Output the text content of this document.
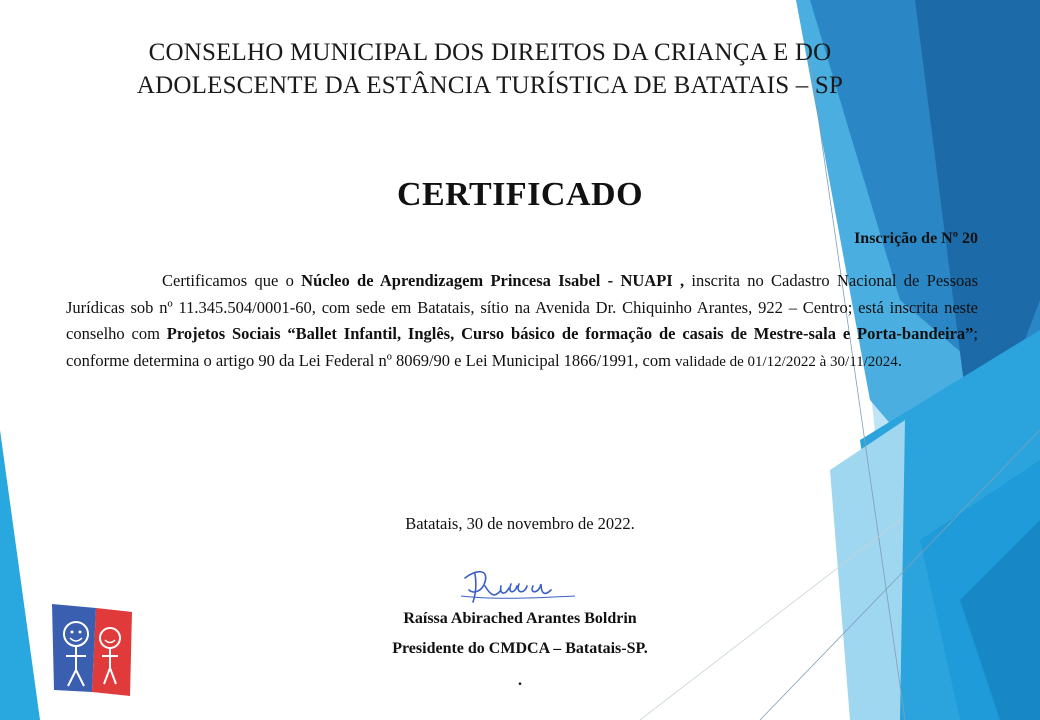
CONSELHO MUNICIPAL DOS DIREITOS DA CRIANÇA E DO
ADOLESCENTE DA ESTÂNCIA TURÍSTICA DE BATATAIS – SP
CERTIFICADO
Inscrição de Nº 20
Certificamos que o Núcleo de Aprendizagem Princesa Isabel - NUAPI , inscrita no Cadastro Nacional de Pessoas Jurídicas sob nº 11.345.504/0001-60, com sede em Batatais, sítio na Avenida Dr. Chiquinho Arantes, 922 – Centro; está inscrita neste conselho com Projetos Sociais “Ballet Infantil, Inglês, Curso básico de formação de casais de Mestre-sala e Porta-bandeira”; conforme determina o artigo 90 da Lei Federal nº 8069/90 e Lei Municipal 1866/1991, com validade de 01/12/2022 à 30/11/2024.
Batatais, 30 de novembro de 2022.
Raíssa Abirached Arantes Boldrin
Presidente do CMDCA – Batatais-SP.
.
